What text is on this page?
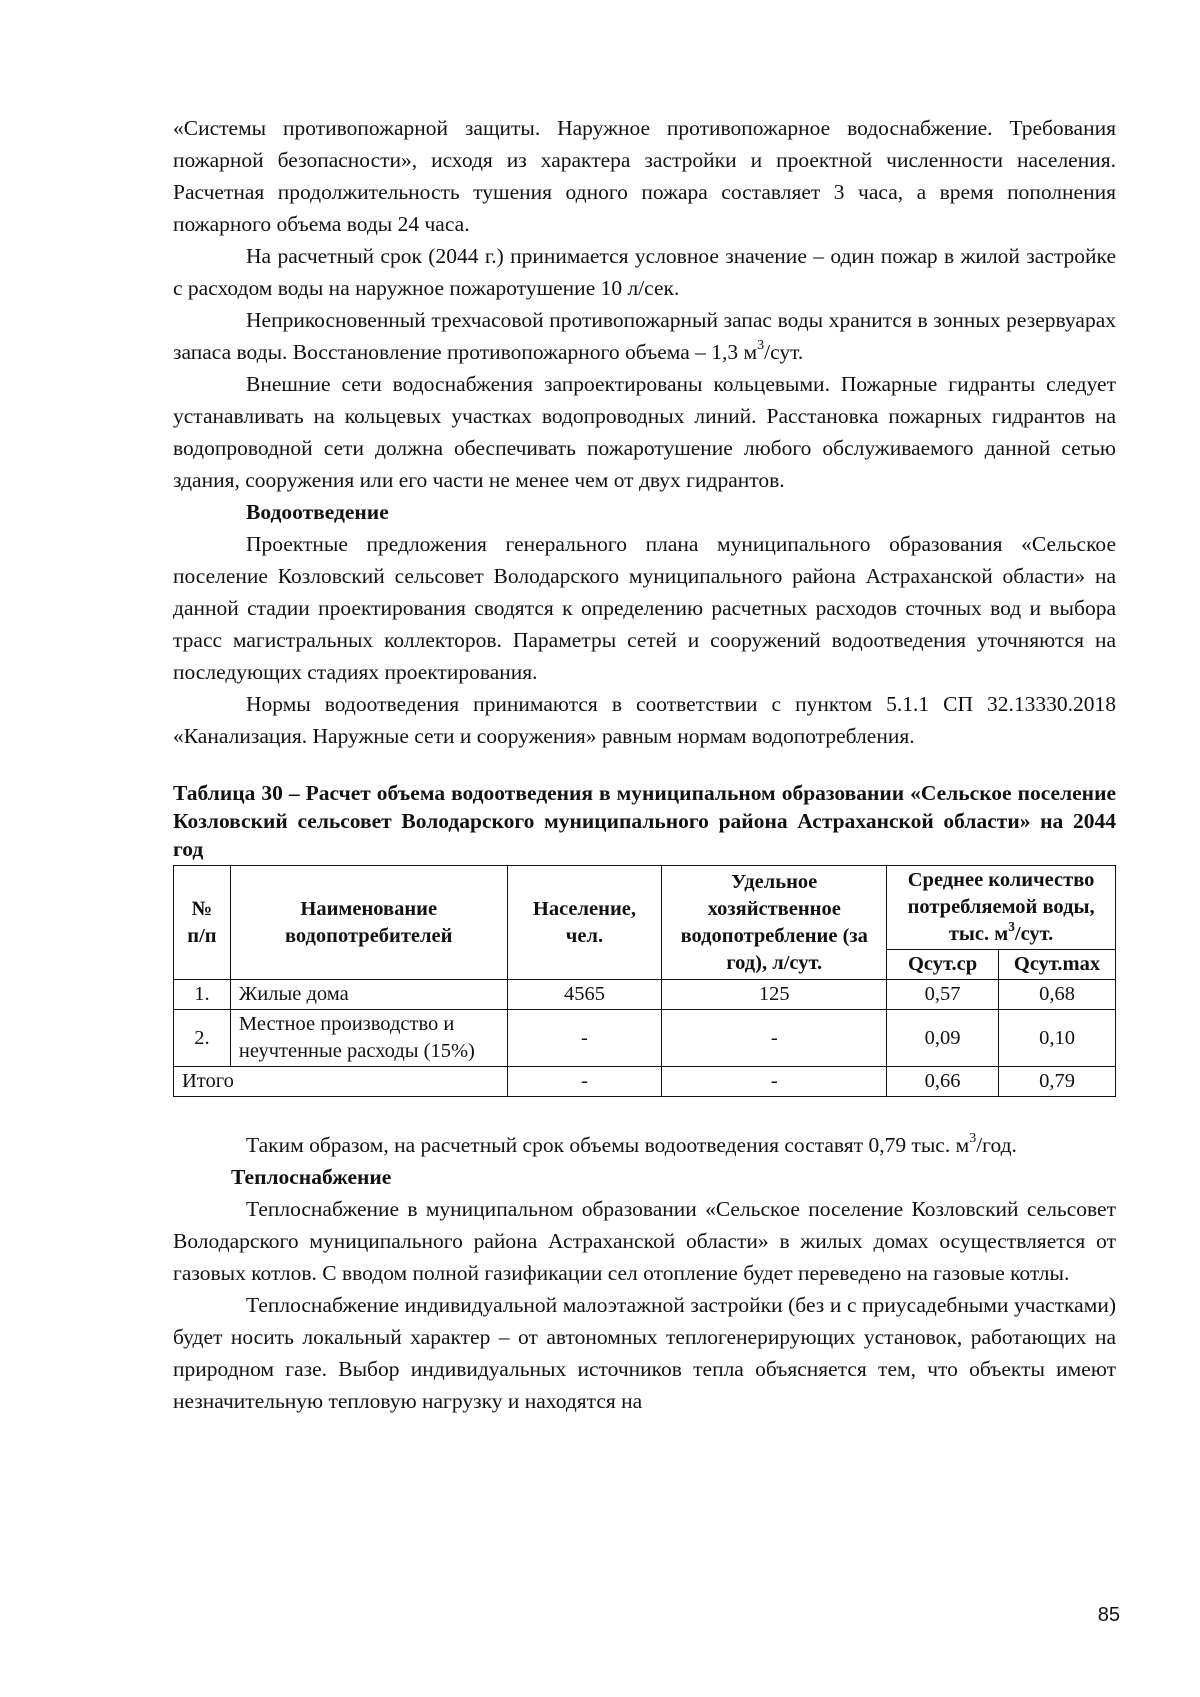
«Системы противопожарной защиты. Наружное противопожарное водоснабжение. Требования пожарной безопасности», исходя из характера застройки и проектной численности населения. Расчетная продолжительность тушения одного пожара составляет 3 часа, а время пополнения пожарного объема воды 24 часа.

На расчетный срок (2044 г.) принимается условное значение – один пожар в жилой застройке с расходом воды на наружное пожаротушение 10 л/сек.

Неприкосновенный трехчасовой противопожарный запас воды хранится в зонных резервуарах запаса воды. Восстановление противопожарного объема – 1,3 $м^3$/сут.

Внешние сети водоснабжения запроектированы кольцевыми. Пожарные гидранты следует устанавливать на кольцевых участках водопроводных линий. Расстановка пожарных гидрантов на водопроводной сети должна обеспечивать пожаротушение любого обслуживаемого данной сетью здания, сооружения или его части не менее чем от двух гидрантов.

Водоотведение

Проектные предложения генерального плана муниципального образования «Сельское поселение Козловский сельсовет Володарского муниципального района Астраханской области» на данной стадии проектирования сводятся к определению расчетных расходов сточных вод и выбора трасс магистральных коллекторов. Параметры сетей и сооружений водоотведения уточняются на последующих стадиях проектирования.

Нормы водоотведения принимаются в соответствии с пунктом 5.1.1 СП 32.13330.2018 «Канализация. Наружные сети и сооружения» равным нормам водопотребления.

Таблица 30 – Расчет объема водоотведения в муниципальном образовании «Сельское поселение Козловский сельсовет Володарского муниципального района Астраханской области» на 2044 год

№ п/п	Наименование водопотребителей	Население, чел.	Удельное хозяйственное водопотребление (за год), л/сут.	Среднее количество потребляемой воды, тыс. $м^3$/сут.	
				Qсут.ср	Qсут.max
1.	Жилые дома	4565	125	0,57	0,68
2.	Местное производство и неучтенные расходы (15%)	-	-	0,09	0,10
Итого		-	-	0,66	0,79

Таким образом, на расчетный срок объемы водоотведения составят 0,79 тыс. $м^3$/год.

Теплоснабжение

Теплоснабжение в муниципальном образовании «Сельское поселение Козловский сельсовет Володарского муниципального района Астраханской области» в жилых домах осуществляется от газовых котлов. С вводом полной газификации сел отопление будет переведено на газовые котлы.

Теплоснабжение индивидуальной малоэтажной застройки (без и с приусадебными участками) будет носить локальный характер – от автономных теплогенерирующих установок, работающих на природном газе. Выбор индивидуальных источников тепла объясняется тем, что объекты имеют незначительную тепловую нагрузку и находятся на

85
